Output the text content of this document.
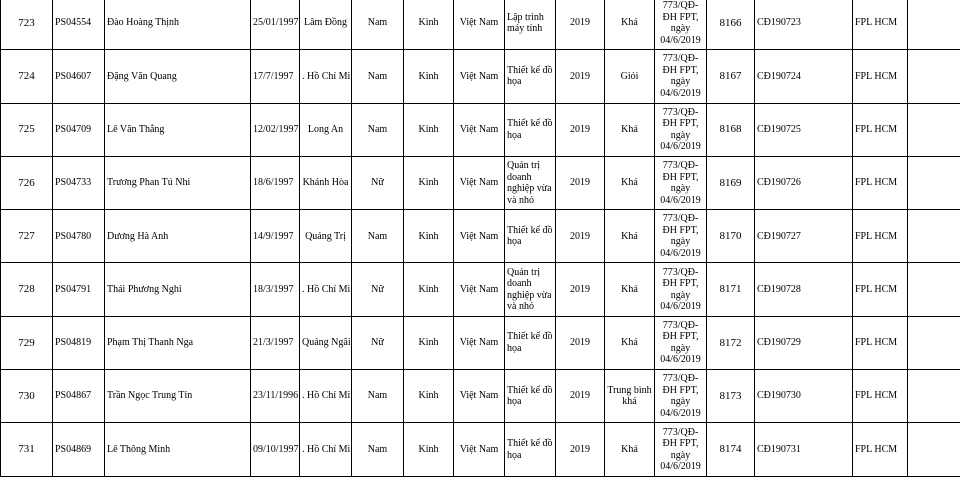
723	PS04554	Đào Hoàng Thịnh	25/01/1997	Lâm Đồng	Nam	Kinh	Việt Nam	Lập trình máy tính	2019	Khá	773/QĐ-ĐH FPT, ngày 04/6/2019	8166	CĐ190723	FPL HCM	
724	PS04607	Đặng Văn Quang	17/7/1997	. Hồ Chí Mi	Nam	Kinh	Việt Nam	Thiết kế đồ họa	2019	Giỏi	773/QĐ-ĐH FPT, ngày 04/6/2019	8167	CĐ190724	FPL HCM	
725	PS04709	Lê Văn Thắng	12/02/1997	Long An	Nam	Kinh	Việt Nam	Thiết kế đồ họa	2019	Khá	773/QĐ-ĐH FPT, ngày 04/6/2019	8168	CĐ190725	FPL HCM	
726	PS04733	Trương Phan Tú Nhi	18/6/1997	Khánh Hòa	Nữ	Kinh	Việt Nam	Quản trị doanh nghiệp vừa và nhỏ	2019	Khá	773/QĐ-ĐH FPT, ngày 04/6/2019	8169	CĐ190726	FPL HCM	
727	PS04780	Dương Hà Anh	14/9/1997	Quảng Trị	Nam	Kinh	Việt Nam	Thiết kế đồ họa	2019	Khá	773/QĐ-ĐH FPT, ngày 04/6/2019	8170	CĐ190727	FPL HCM	
728	PS04791	Thái Phương Nghi	18/3/1997	. Hồ Chí Mi	Nữ	Kinh	Việt Nam	Quản trị doanh nghiệp vừa và nhỏ	2019	Khá	773/QĐ-ĐH FPT, ngày 04/6/2019	8171	CĐ190728	FPL HCM	
729	PS04819	Phạm Thị Thanh Nga	21/3/1997	Quảng Ngãi	Nữ	Kinh	Việt Nam	Thiết kế đồ họa	2019	Khá	773/QĐ-ĐH FPT, ngày 04/6/2019	8172	CĐ190729	FPL HCM	
730	PS04867	Trần Ngọc Trung Tín	23/11/1996	. Hồ Chí Mi	Nam	Kinh	Việt Nam	Thiết kế đồ họa	2019	Trung bình khá	773/QĐ-ĐH FPT, ngày 04/6/2019	8173	CĐ190730	FPL HCM	
731	PS04869	Lê Thông Minh	09/10/1997	. Hồ Chí Mi	Nam	Kinh	Việt Nam	Thiết kế đồ họa	2019	Khá	773/QĐ-ĐH FPT, ngày 04/6/2019	8174	CĐ190731	FPL HCM	
